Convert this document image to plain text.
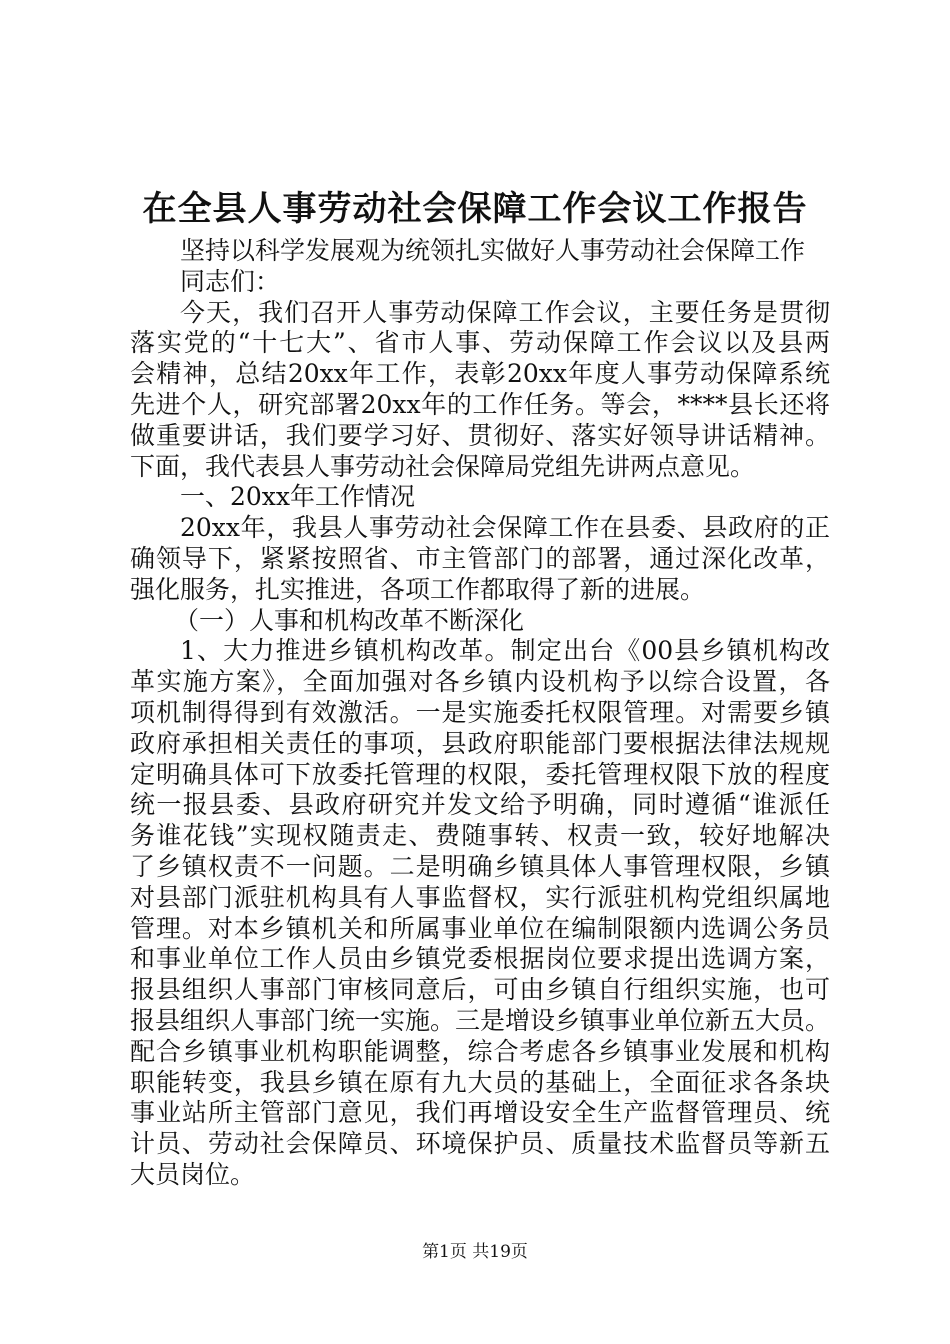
在全县人事劳动社会保障工作会议工作报告
坚持以科学发展观为统领扎实做好人事劳动社会保障工作
同志们：
今天，我们召开人事劳动保障工作会议，主要任务是贯彻
落实党的“十七大”、省市人事、劳动保障工作会议以及县两
会精神，总结20xx年工作，表彰20xx年度人事劳动保障系统
先进个人，研究部署20xx年的工作任务。等会，****县长还将
做重要讲话，我们要学习好、贯彻好、落实好领导讲话精神。
下面，我代表县人事劳动社会保障局党组先讲两点意见。
一、20xx年工作情况
20xx年，我县人事劳动社会保障工作在县委、县政府的正
确领导下，紧紧按照省、市主管部门的部署，通过深化改革，
强化服务，扎实推进，各项工作都取得了新的进展。
（一）人事和机构改革不断深化
1、大力推进乡镇机构改革。制定出台《00县乡镇机构改
革实施方案》，全面加强对各乡镇内设机构予以综合设置，各
项机制得得到有效激活。一是实施委托权限管理。对需要乡镇
政府承担相关责任的事项，县政府职能部门要根据法律法规规
定明确具体可下放委托管理的权限，委托管理权限下放的程度
统一报县委、县政府研究并发文给予明确，同时遵循“谁派任
务谁花钱”实现权随责走、费随事转、权责一致，较好地解决
了乡镇权责不一问题。二是明确乡镇具体人事管理权限，乡镇
对县部门派驻机构具有人事监督权，实行派驻机构党组织属地
管理。对本乡镇机关和所属事业单位在编制限额内选调公务员
和事业单位工作人员由乡镇党委根据岗位要求提出选调方案，
报县组织人事部门审核同意后，可由乡镇自行组织实施，也可
报县组织人事部门统一实施。三是增设乡镇事业单位新五大员。
配合乡镇事业机构职能调整，综合考虑各乡镇事业发展和机构
职能转变，我县乡镇在原有九大员的基础上，全面征求各条块
事业站所主管部门意见，我们再增设安全生产监督管理员、统
计员、劳动社会保障员、环境保护员、质量技术监督员等新五
大员岗位。
第1页 共19页
